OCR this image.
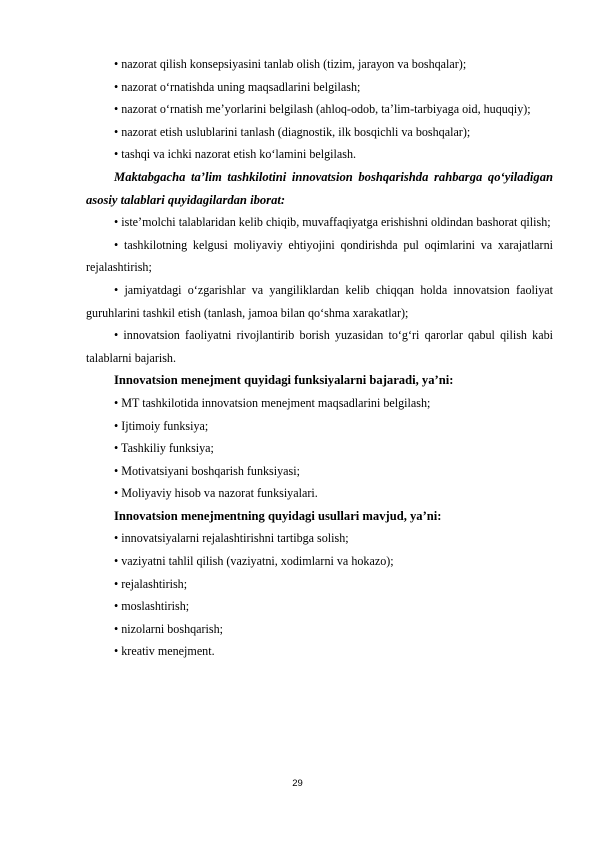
• nazorat qilish konsepsiyasini tanlab olish (tizim, jarayon va boshqalar);

• nazorat oʻrnatishda uning maqsadlarini belgilash;

• nazorat oʻrnatish meʼyorlarini belgilash (ahloq-odob, taʼlim-tarbiyaga oid, huquqiy);

• nazorat etish uslublarini tanlash (diagnostik, ilk bosqichli va boshqalar);

• tashqi va ichki nazorat etish koʻlamini belgilash.

Maktabgacha taʼlim tashkilotini innovatsion boshqarishda rahbarga qoʻyiladigan asosiy talablari quyidagilardan iborat:

• isteʼmolchi talablaridan kelib chiqib, muvaffaqiyatga erishishni oldindan bashorat qilish;

• tashkilotning kelgusi moliyaviy ehtiyojini qondirishda pul oqimlarini va xarajatlarni rejalashtirish;

• jamiyatdagi oʻzgarishlar va yangiliklardan kelib chiqqan holda innovatsion faoliyat guruhlarini tashkil etish (tanlash, jamoa bilan qoʻshma xarakatlar);

• innovatsion faoliyatni rivojlantirib borish yuzasidan toʻgʻri qarorlar qabul qilish kabi talablarni bajarish.

Innovatsion menejment quyidagi funksiyalarni bajaradi, yaʼni:

• MT tashkilotida innovatsion menejment maqsadlarini belgilash;

• Ijtimoiy funksiya;

• Tashkiliy funksiya;

• Motivatsiyani boshqarish funksiyasi;

• Moliyaviy hisob va nazorat funksiyalari.

Innovatsion menejmentning quyidagi usullari mavjud, yaʼni:

• innovatsiyalarni rejalashtirishni tartibga solish;

• vaziyatni tahlil qilish (vaziyatni, xodimlarni va hokazo);

• rejalashtirish;

• moslashtirish;

• nizolarni boshqarish;

• kreativ menejment.

29
